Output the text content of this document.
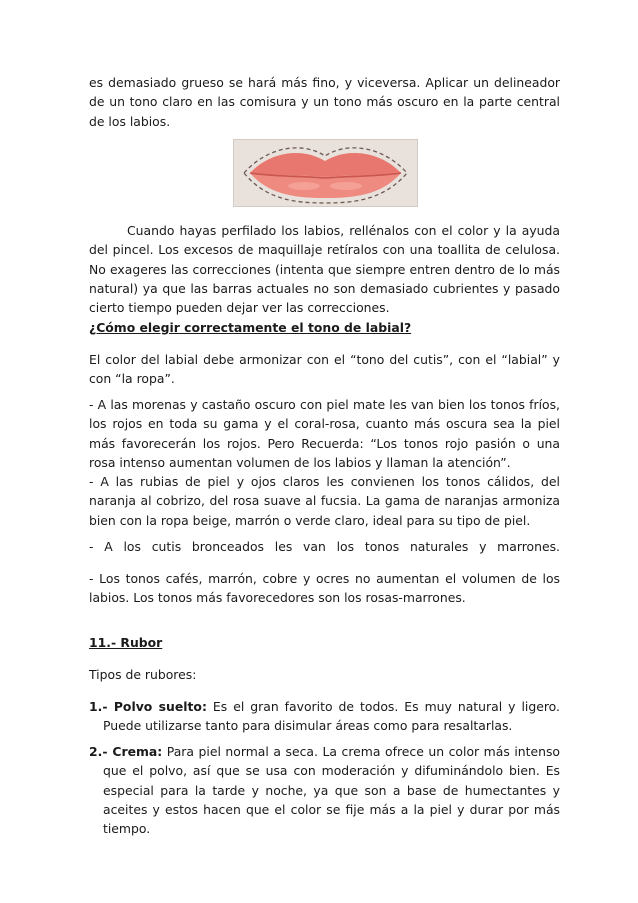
es demasiado grueso se hará más fino, y viceversa. Aplicar un delineador de un tono claro en las comisura y un tono más oscuro en la parte central de los labios.

Cuando hayas perfilado los labios, rellénalos con el color y la ayuda del pincel. Los excesos de maquillaje retíralos con una toallita de celulosa. No exageres las correcciones (intenta que siempre entren dentro de lo más natural) ya que las barras actuales no son demasiado cubrientes y pasado cierto tiempo pueden dejar ver las correcciones.

¿Cómo elegir correctamente el tono de labial?

El color del labial debe armonizar con el “tono del cutis”, con el “labial” y con “la ropa”.

- A las morenas y castaño oscuro con piel mate les van bien los tonos fríos, los rojos en toda su gama y el coral-rosa, cuanto más oscura sea la piel más favorecerán los rojos. Pero Recuerda: “Los tonos rojo pasión o una rosa intenso aumentan volumen de los labios y llaman la atención”.

- A las rubias de piel y ojos claros les convienen los tonos cálidos, del naranja al cobrizo, del rosa suave al fucsia. La gama de naranjas armoniza bien con la ropa beige, marrón o verde claro, ideal para su tipo de piel.

- A los cutis bronceados les van los tonos naturales y marrones.

- Los tonos cafés, marrón, cobre y ocres no aumentan el volumen de los labios. Los tonos más favorecedores son los rosas-marrones.

11.- Rubor

Tipos de rubores:

1.- Polvo suelto: Es el gran favorito de todos. Es muy natural y ligero. Puede utilizarse tanto para disimular áreas como para resaltarlas.

2.- Crema: Para piel normal a seca. La crema ofrece un color más intenso que el polvo, así que se usa con moderación y difuminándolo bien. Es especial para la tarde y noche, ya que son a base de humectantes y aceites y estos hacen que el color se fije más a la piel y durar por más tiempo.
